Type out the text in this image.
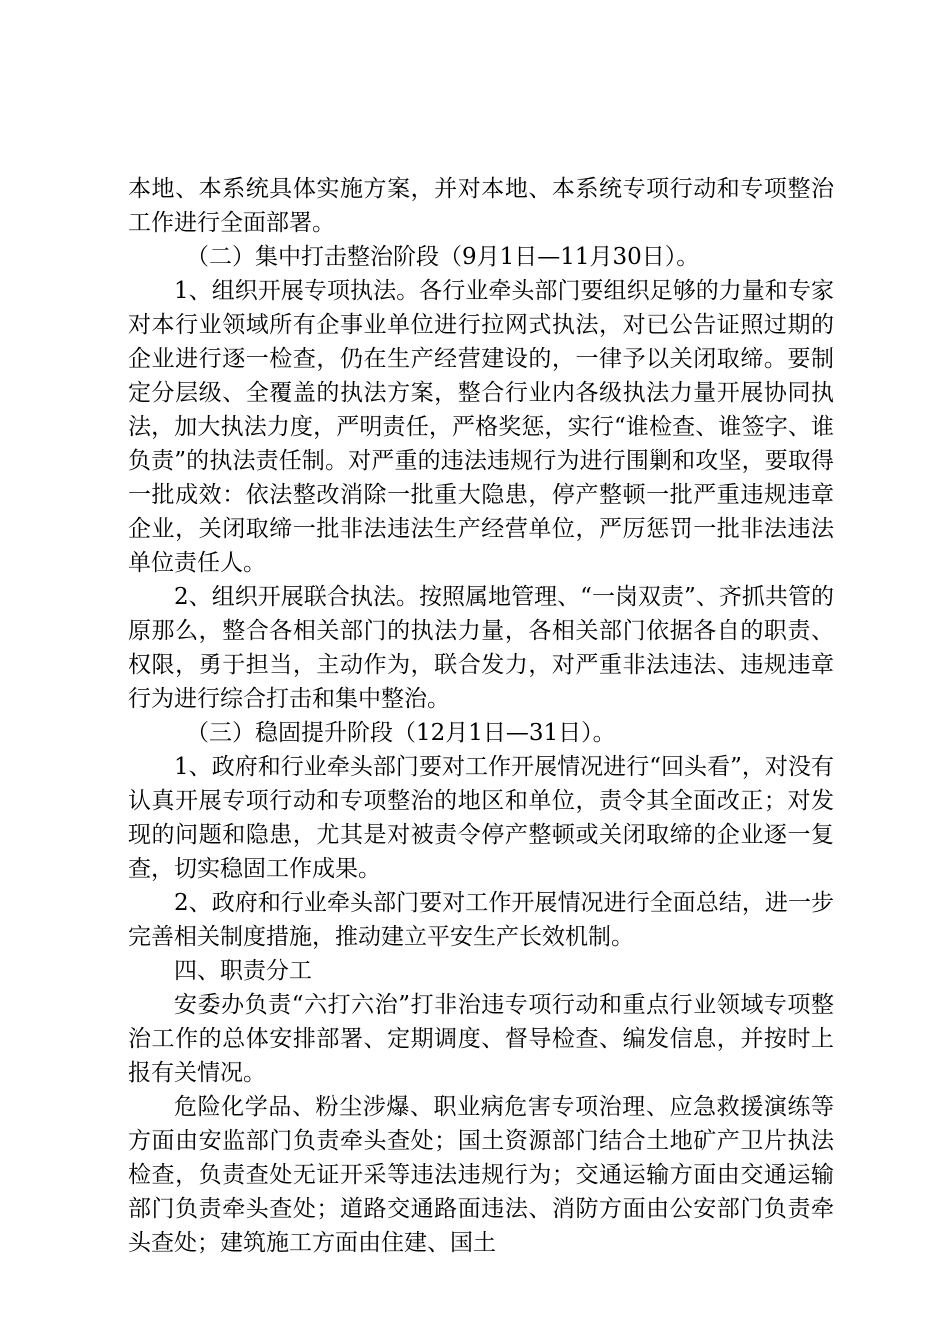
本地、本系统具体实施方案，并对本地、本系统专项行动和专项整治工作进行全面部署。

（二）集中打击整治阶段（9月1日—11月30日）。

1、组织开展专项执法。各行业牵头部门要组织足够的力量和专家对本行业领域所有企事业单位进行拉网式执法，对已公告证照过期的企业进行逐一检查，仍在生产经营建设的，一律予以关闭取缔。要制定分层级、全覆盖的执法方案，整合行业内各级执法力量开展协同执法，加大执法力度，严明责任，严格奖惩，实行“谁检查、谁签字、谁负责”的执法责任制。对严重的违法违规行为进行围剿和攻坚，要取得一批成效：依法整改消除一批重大隐患，停产整顿一批严重违规违章企业，关闭取缔一批非法违法生产经营单位，严厉惩罚一批非法违法单位责任人。

2、组织开展联合执法。按照属地管理、“一岗双责”、齐抓共管的原那么，整合各相关部门的执法力量，各相关部门依据各自的职责、权限，勇于担当，主动作为，联合发力，对严重非法违法、违规违章行为进行综合打击和集中整治。

（三）稳固提升阶段（12月1日—31日）。

1、政府和行业牵头部门要对工作开展情况进行“回头看”，对没有认真开展专项行动和专项整治的地区和单位，责令其全面改正；对发现的问题和隐患，尤其是对被责令停产整顿或关闭取缔的企业逐一复查，切实稳固工作成果。

2、政府和行业牵头部门要对工作开展情况进行全面总结，进一步完善相关制度措施，推动建立平安生产长效机制。

四、职责分工

安委办负责“六打六治”打非治违专项行动和重点行业领域专项整治工作的总体安排部署、定期调度、督导检查、编发信息，并按时上报有关情况。

危险化学品、粉尘涉爆、职业病危害专项治理、应急救援演练等方面由安监部门负责牵头查处；国土资源部门结合土地矿产卫片执法检查，负责查处无证开采等违法违规行为；交通运输方面由交通运输部门负责牵头查处；道路交通路面违法、消防方面由公安部门负责牵头查处；建筑施工方面由住建、国土
